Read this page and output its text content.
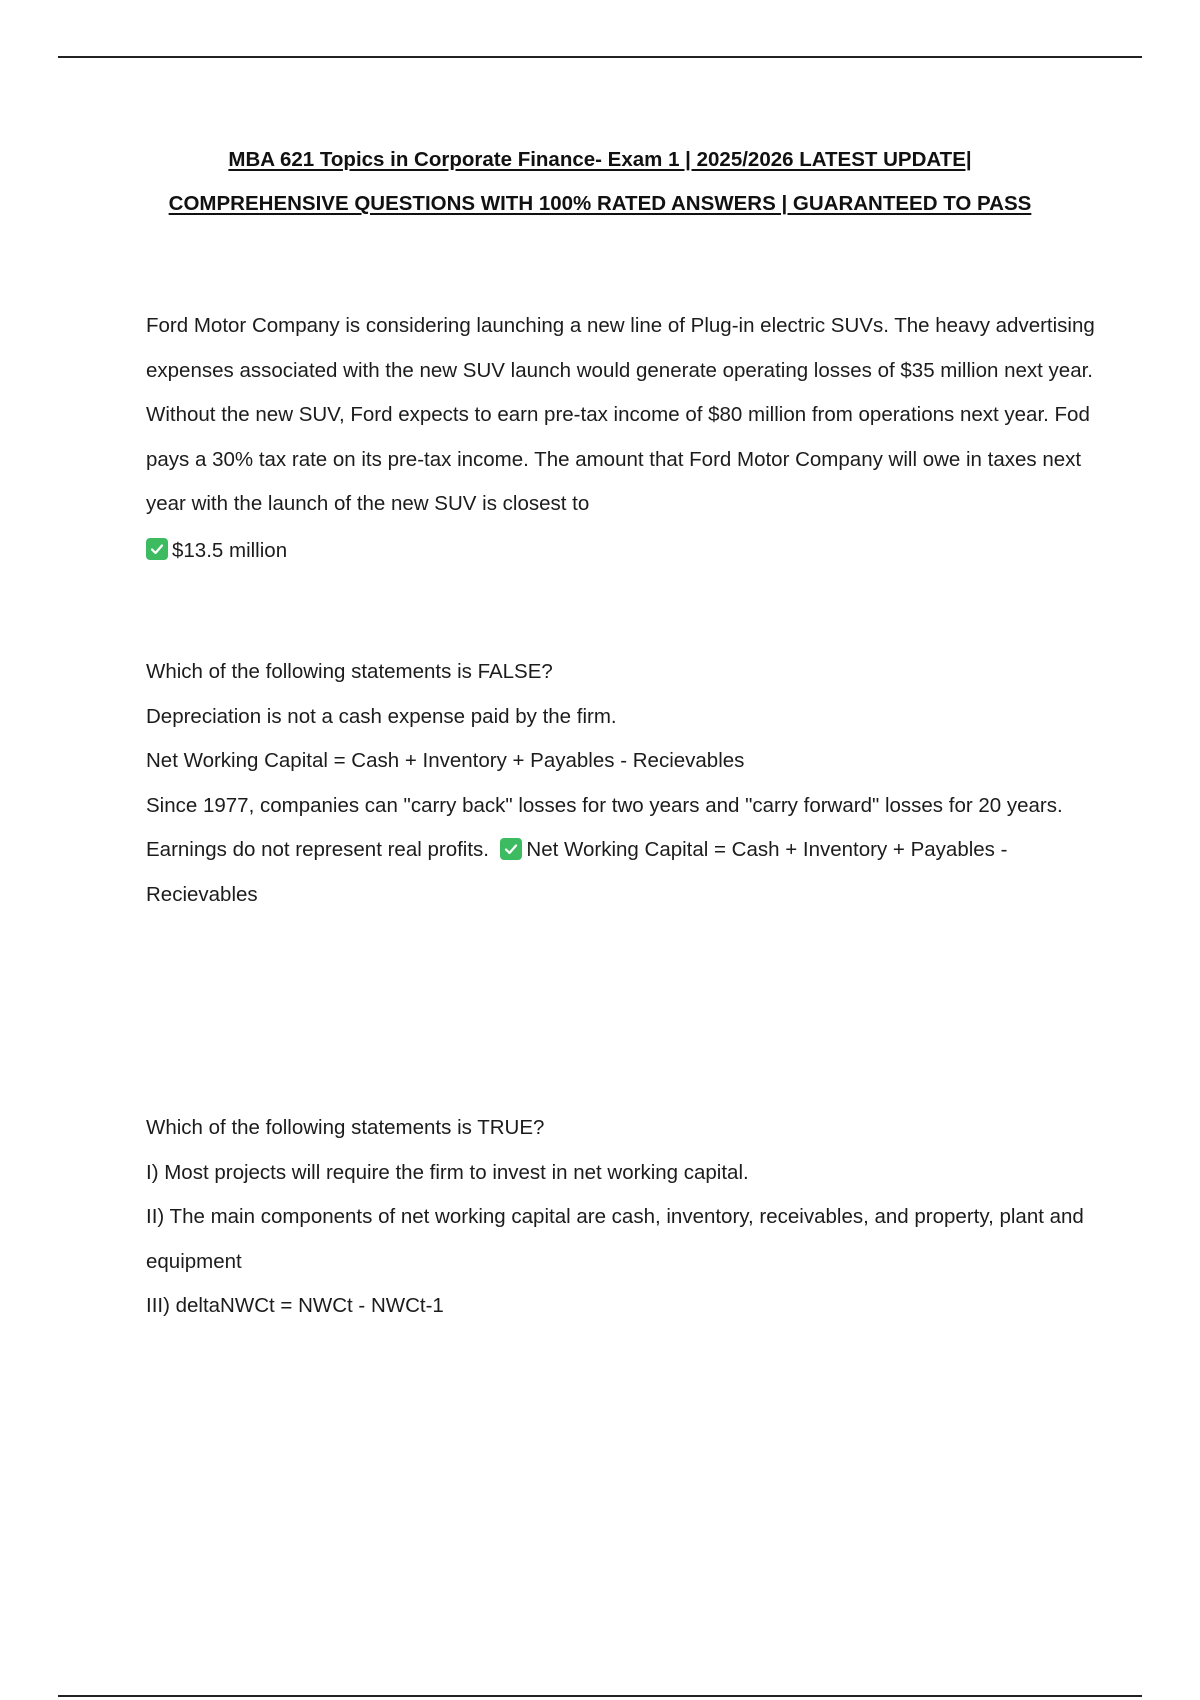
MBA 621 Topics in Corporate Finance- Exam 1 | 2025/2026 LATEST UPDATE|
COMPREHENSIVE QUESTIONS WITH 100% RATED ANSWERS | GUARANTEED TO PASS

Ford Motor Company is considering launching a new line of Plug-in electric SUVs. The heavy advertising expenses associated with the new SUV launch would generate operating losses of $35 million next year. Without the new SUV, Ford expects to earn pre-tax income of $80 million from operations next year. Fod pays a 30% tax rate on its pre-tax income. The amount that Ford Motor Company will owe in taxes next year with the launch of the new SUV is closest to

$13.5 million

Which of the following statements is FALSE?

Depreciation is not a cash expense paid by the firm.

Net Working Capital = Cash + Inventory + Payables - Recievables

Since 1977, companies can "carry back" losses for two years and "carry forward" losses for 20 years.

Earnings do not represent real profits. Net Working Capital = Cash + Inventory + Payables - Recievables

Which of the following statements is TRUE?

I) Most projects will require the firm to invest in net working capital.

II) The main components of net working capital are cash, inventory, receivables, and property, plant and equipment

III) deltaNWCt = NWCt - NWCt-1
